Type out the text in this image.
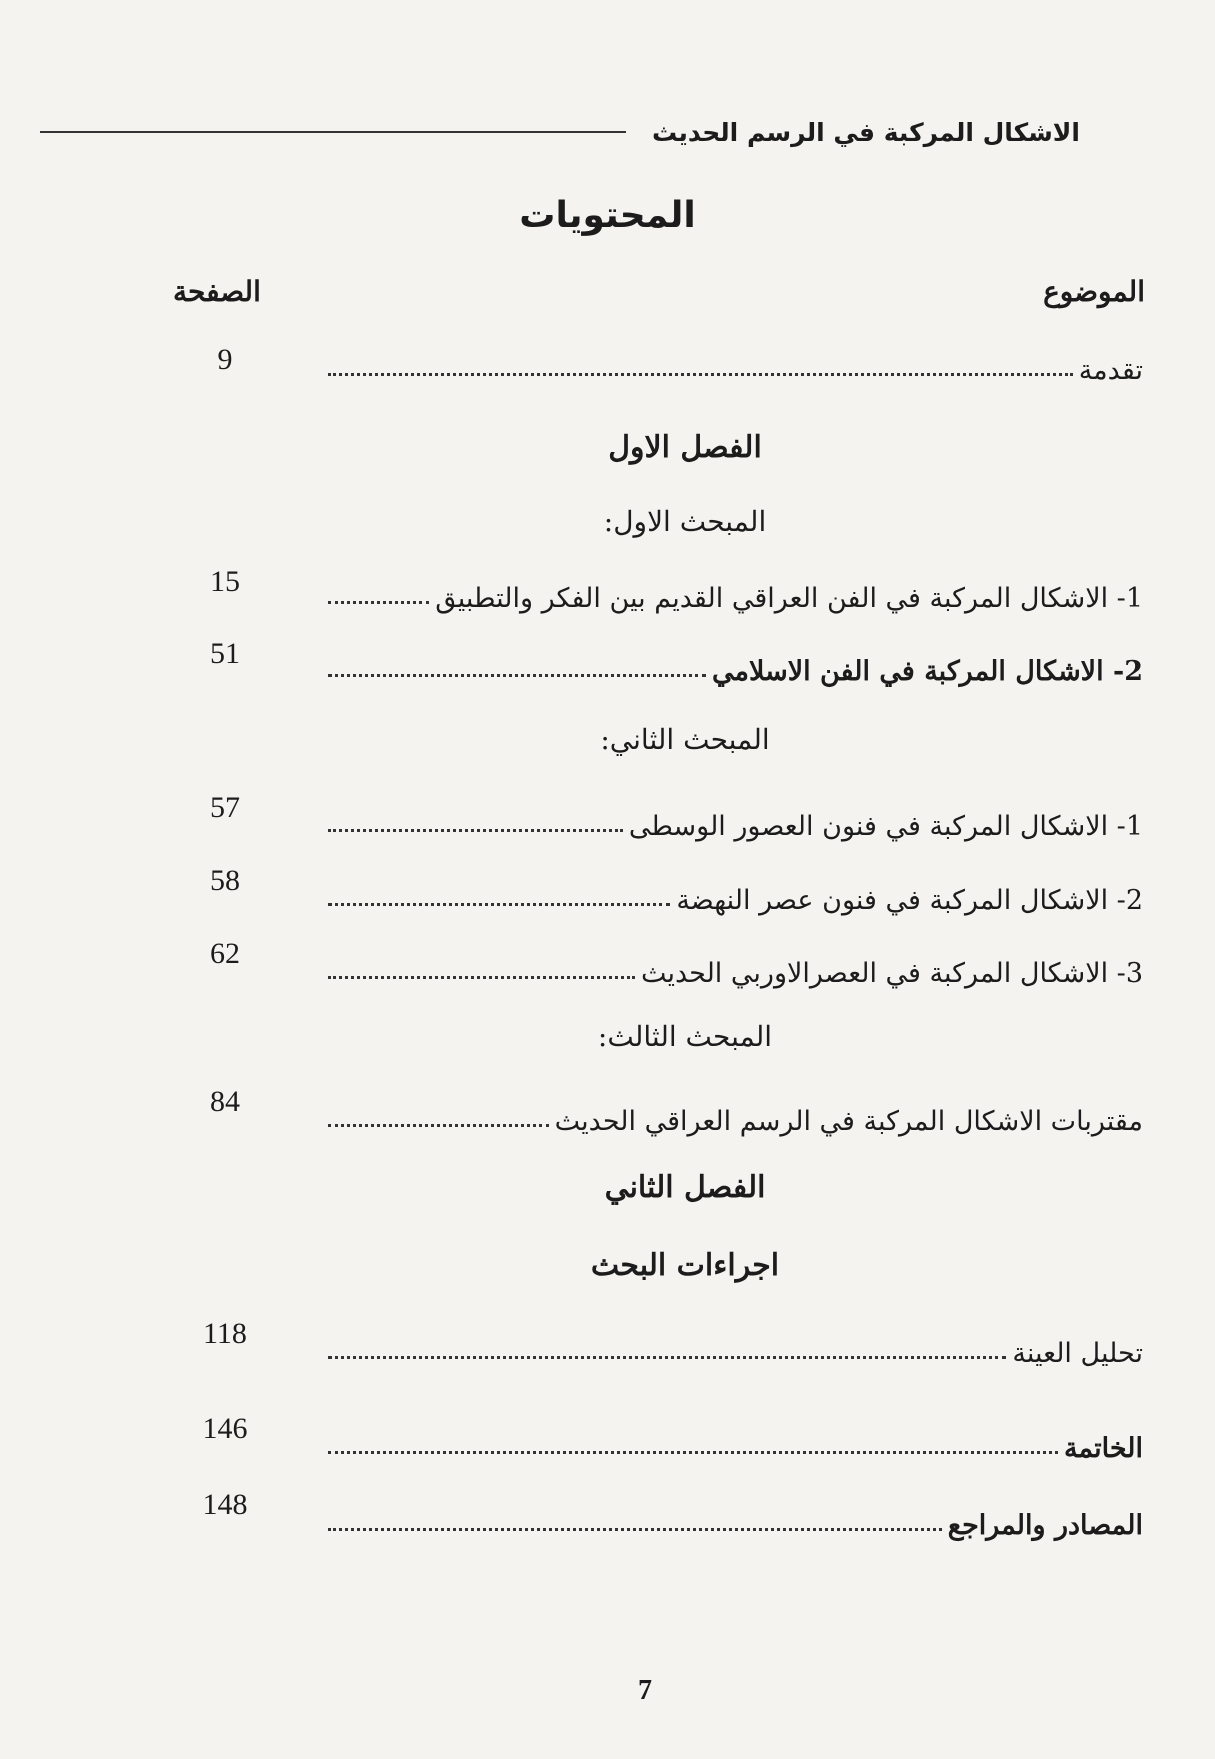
الاشكال المركبة في الرسم الحديث
المحتويات
الموضوع
الصفحة
تقدمة
9
الفصل الاول
المبحث الاول:
1- الاشكال المركبة في الفن العراقي القديم بين الفكر والتطبيق
15
2- الاشكال المركبة في الفن الاسلامي
51
المبحث الثاني:
1- الاشكال المركبة في فنون العصور الوسطى
57
2- الاشكال المركبة في فنون عصر النهضة
58
3- الاشكال المركبة في العصرالاوربي الحديث
62
المبحث الثالث:
مقتربات الاشكال المركبة في الرسم العراقي الحديث
84
الفصل الثاني
اجراءات البحث
تحليل العينة
118
الخاتمة
146
المصادر والمراجع
148
7
